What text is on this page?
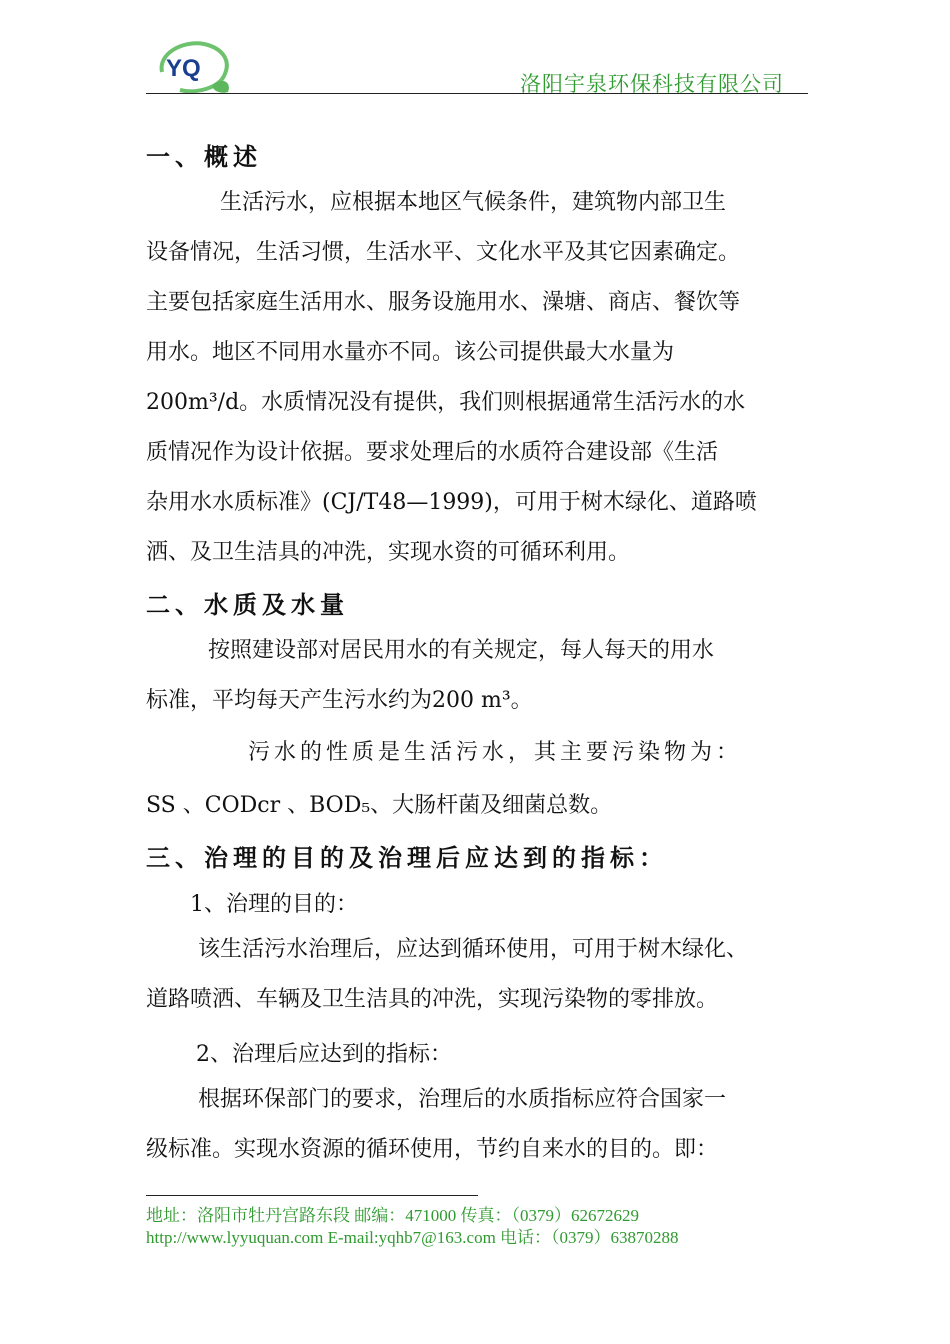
YQ
洛阳宇泉环保科技有限公司
一、概述
生活污水，应根据本地区气候条件，建筑物内部卫生
设备情况，生活习惯，生活水平、文化水平及其它因素确定。
主要包括家庭生活用水、服务设施用水、澡塘、商店、餐饮等
用水。地区不同用水量亦不同。该公司提供最大水量为
200m³/d。水质情况没有提供，我们则根据通常生活污水的水
质情况作为设计依据。要求处理后的水质符合建设部《生活
杂用水水质标准》(CJ/T48—1999)，可用于树木绿化、道路喷
洒、及卫生洁具的冲洗，实现水资的可循环利用。
二、水质及水量
按照建设部对居民用水的有关规定，每人每天的用水
标准，平均每天产生污水约为200 m³。
污水的性质是生活污水，其主要污染物为：
SS 、CODcr 、BOD₅、大肠杆菌及细菌总数。
三、治理的目的及治理后应达到的指标：
1、治理的目的：
该生活污水治理后，应达到循环使用，可用于树木绿化、
道路喷洒、车辆及卫生洁具的冲洗，实现污染物的零排放。
2、治理后应达到的指标：
根据环保部门的要求，治理后的水质指标应符合国家一
级标准。实现水资源的循环使用，节约自来水的目的。即：
地址：洛阳市牡丹宫路东段 邮编：471000 传真：（0379）62672629
http://www.lyyuquan.com E-mail:yqhb7@163.com 电话：（0379）63870288
